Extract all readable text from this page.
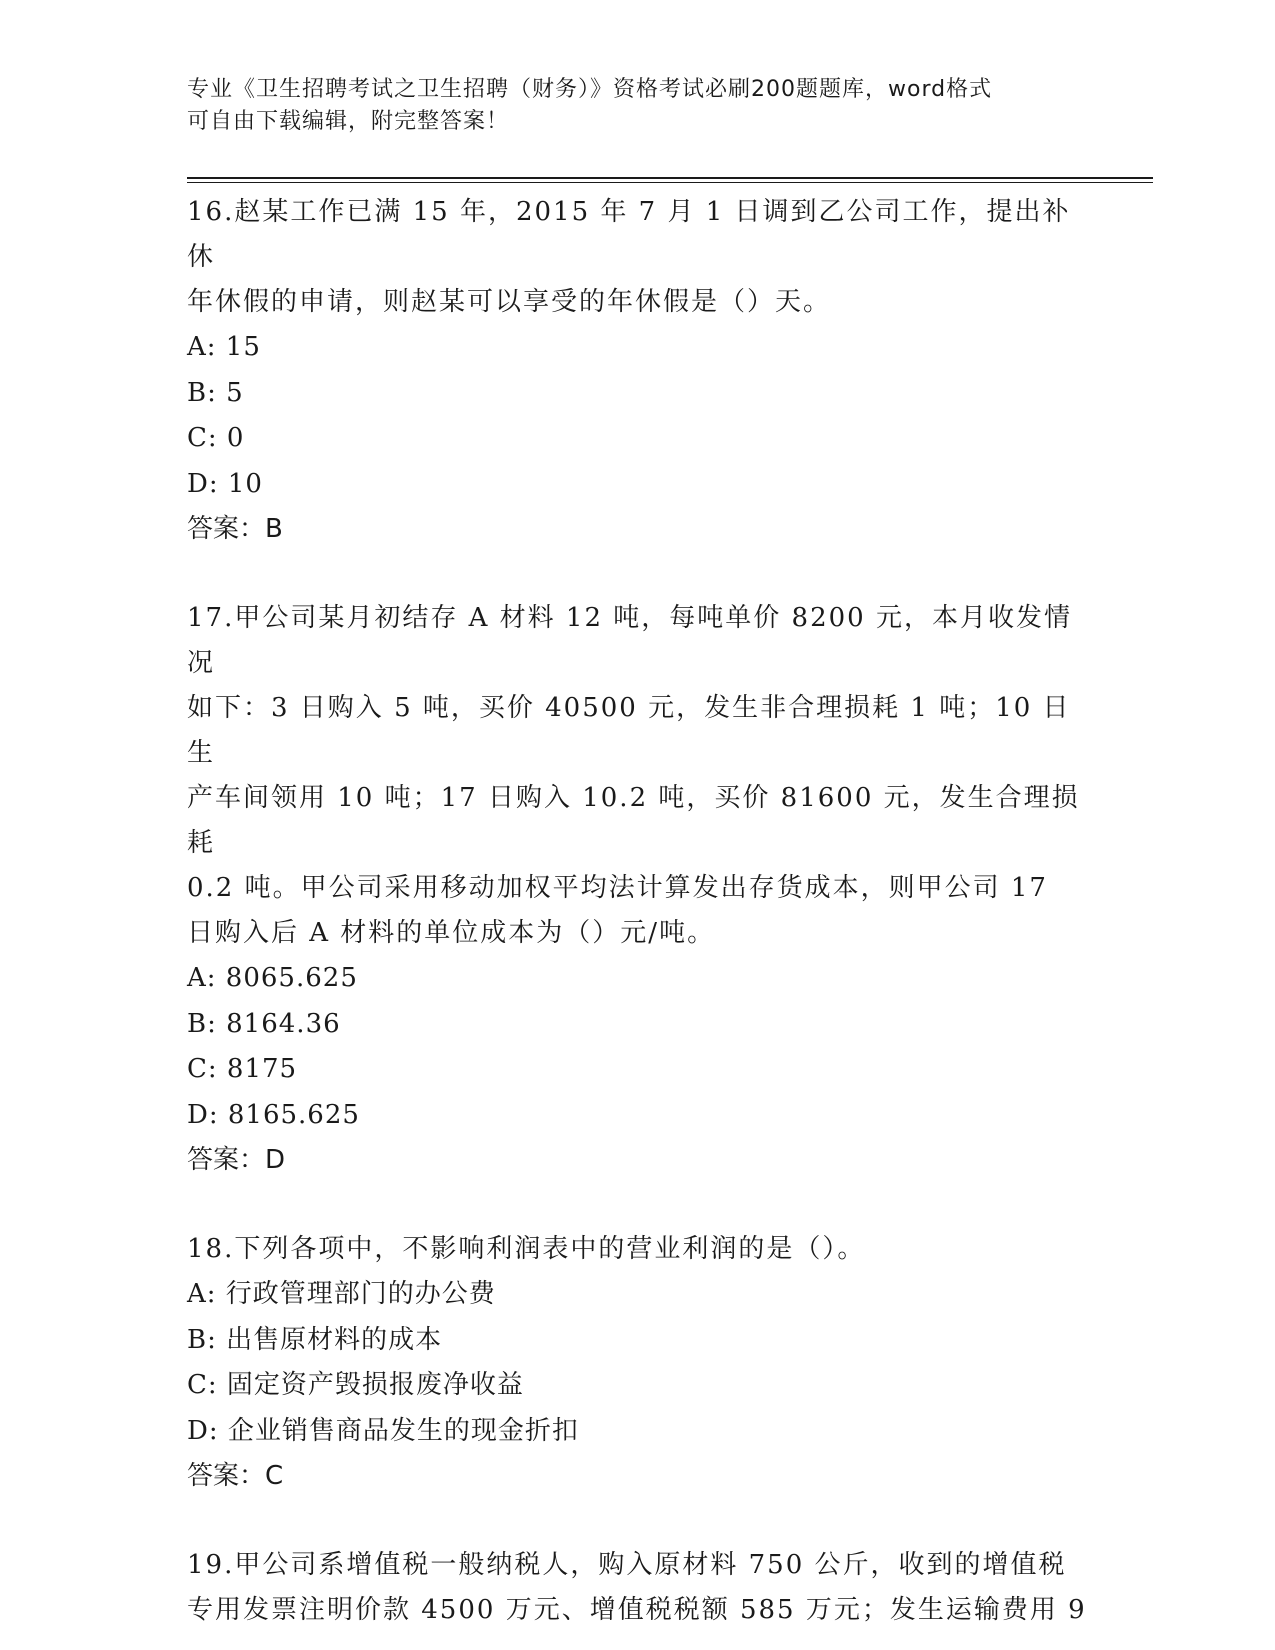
专业《卫生招聘考试之卫生招聘（财务）》资格考试必刷200题题库，word格式
可自由下载编辑，附完整答案！

16.赵某工作已满 15 年，2015 年 7 月 1 日调到乙公司工作，提出补休

年休假的申请，则赵某可以享受的年休假是（）天。

A: 15

B: 5

C: 0

D: 10

答案：B

17.甲公司某月初结存 A 材料 12 吨，每吨单价 8200 元，本月收发情况

如下：3 日购入 5 吨，买价 40500 元，发生非合理损耗 1 吨；10 日生

产车间领用 10 吨；17 日购入 10.2 吨，买价 81600 元，发生合理损耗

0.2 吨。甲公司采用移动加权平均法计算发出存货成本，则甲公司 17

日购入后 A 材料的单位成本为（）元/吨。

A: 8065.625

B: 8164.36

C: 8175

D: 8165.625

答案：D

18.下列各项中，不影响利润表中的营业利润的是（）。

A: 行政管理部门的办公费

B: 出售原材料的成本

C: 固定资产毁损报废净收益

D: 企业销售商品发生的现金折扣

答案：C

19.甲公司系增值税一般纳税人，购入原材料 750 公斤，收到的增值税

专用发票注明价款 4500 万元、增值税税额 585 万元；发生运输费用 9
